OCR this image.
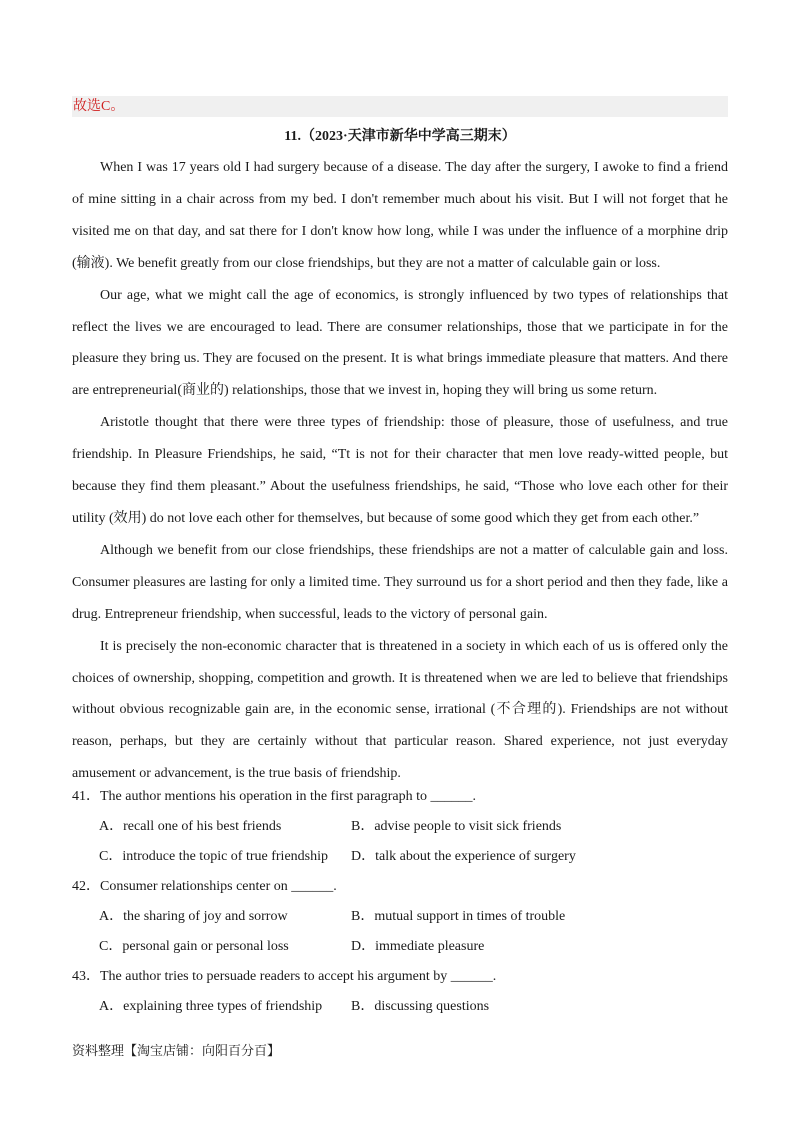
故选C。
11.（2023·天津市新华中学高三期末）

When I was 17 years old I had surgery because of a disease. The day after the surgery, I awoke to find a friend of mine sitting in a chair across from my bed. I don't remember much about his visit. But I will not forget that he visited me on that day, and sat there for I don't know how long, while I was under the influence of a morphine drip (输液). We benefit greatly from our close friendships, but they are not a matter of calculable gain or loss.

Our age, what we might call the age of economics, is strongly influenced by two types of relationships that reflect the lives we are encouraged to lead. There are consumer relationships, those that we participate in for the pleasure they bring us. They are focused on the present. It is what brings immediate pleasure that matters. And there are entrepreneurial(商业的) relationships, those that we invest in, hoping they will bring us some return.

Aristotle thought that there were three types of friendship: those of pleasure, those of usefulness, and true friendship. In Pleasure Friendships, he said, “Tt is not for their character that men love ready-witted people, but because they find them pleasant.” About the usefulness friendships, he said, “Those who love each other for their utility (效用) do not love each other for themselves, but because of some good which they get from each other.”

Although we benefit from our close friendships, these friendships are not a matter of calculable gain and loss. Consumer pleasures are lasting for only a limited time. They surround us for a short period and then they fade, like a drug. Entrepreneur friendship, when successful, leads to the victory of personal gain.

It is precisely the non-economic character that is threatened in a society in which each of us is offered only the choices of ownership, shopping, competition and growth. It is threatened when we are led to believe that friendships without obvious recognizable gain are, in the economic sense, irrational (不合理的). Friendships are not without reason, perhaps, but they are certainly without that particular reason. Shared experience, not just everyday amusement or advancement, is the true basis of friendship.

41．The author mentions his operation in the first paragraph to ______.
A．recall one of his best friends	B．advise people to visit sick friends
C．introduce the topic of true friendship D．talk about the experience of surgery
42．Consumer relationships center on ______.
A．the sharing of joy and sorrow	B．mutual support in times of trouble
C．personal gain or personal loss	D．immediate pleasure
43．The author tries to persuade readers to accept his argument by ______.
A．explaining three types of friendship B．discussing questions
资料整理【淘宝店铺：向阳百分百】
